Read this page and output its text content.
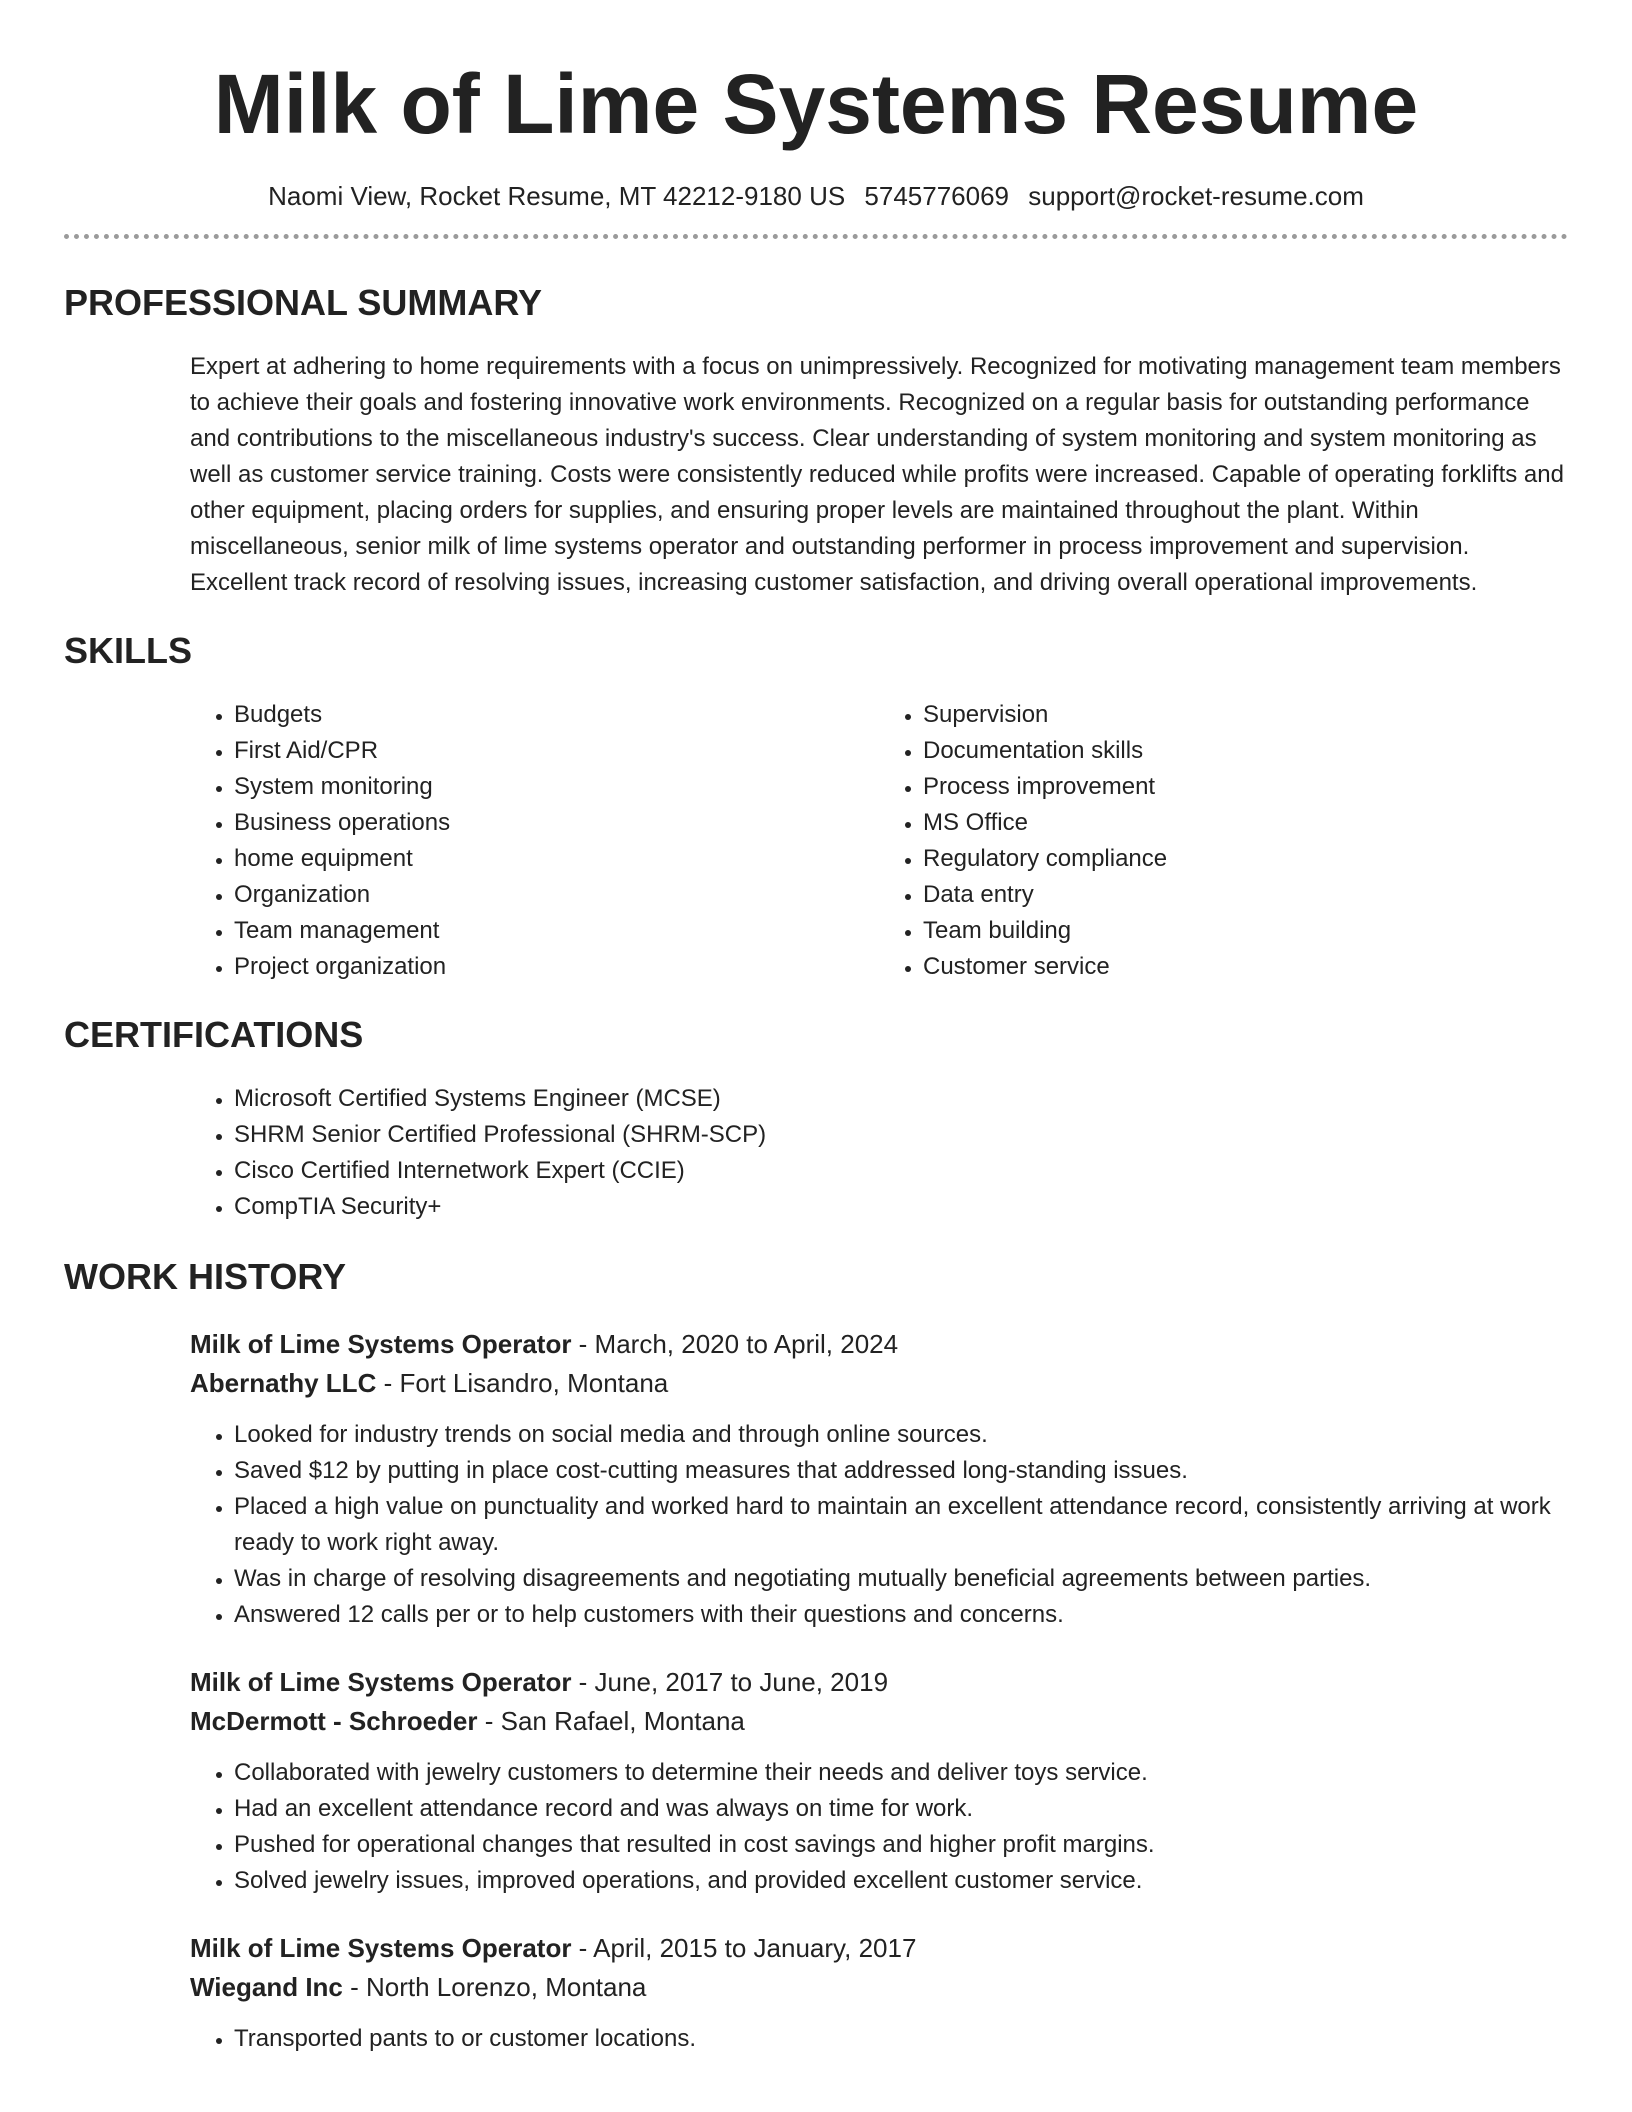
Milk of Lime Systems Resume
Naomi View, Rocket Resume, MT 42212-9180 US 5745776069 support@rocket-resume.com
PROFESSIONAL SUMMARY

Expert at adhering to home requirements with a focus on unimpressively. Recognized for motivating management team members to achieve their goals and fostering innovative work environments. Recognized on a regular basis for outstanding performance and contributions to the miscellaneous industry's success. Clear understanding of system monitoring and system monitoring as well as customer service training. Costs were consistently reduced while profits were increased. Capable of operating forklifts and other equipment, placing orders for supplies, and ensuring proper levels are maintained throughout the plant. Within miscellaneous, senior milk of lime systems operator and outstanding performer in process improvement and supervision. Excellent track record of resolving issues, increasing customer satisfaction, and driving overall operational improvements.

SKILLS
• Budgets
• First Aid/CPR
• System monitoring
• Business operations
• home equipment
• Organization
• Team management
• Project organization
• Supervision
• Documentation skills
• Process improvement
• MS Office
• Regulatory compliance
• Data entry
• Team building
• Customer service
CERTIFICATIONS
• Microsoft Certified Systems Engineer (MCSE)
• SHRM Senior Certified Professional (SHRM-SCP)
• Cisco Certified Internetwork Expert (CCIE)
• CompTIA Security+
WORK HISTORY
Milk of Lime Systems Operator - March, 2020 to April, 2024
Abernathy LLC - Fort Lisandro, Montana
• Looked for industry trends on social media and through online sources.
• Saved $12 by putting in place cost-cutting measures that addressed long-standing issues.
• Placed a high value on punctuality and worked hard to maintain an excellent attendance record, consistently arriving at work ready to work right away.
• Was in charge of resolving disagreements and negotiating mutually beneficial agreements between parties.
• Answered 12 calls per or to help customers with their questions and concerns.
Milk of Lime Systems Operator - June, 2017 to June, 2019
McDermott - Schroeder - San Rafael, Montana
• Collaborated with jewelry customers to determine their needs and deliver toys service.
• Had an excellent attendance record and was always on time for work.
• Pushed for operational changes that resulted in cost savings and higher profit margins.
• Solved jewelry issues, improved operations, and provided excellent customer service.
Milk of Lime Systems Operator - April, 2015 to January, 2017
Wiegand Inc - North Lorenzo, Montana
• Transported pants to or customer locations.
